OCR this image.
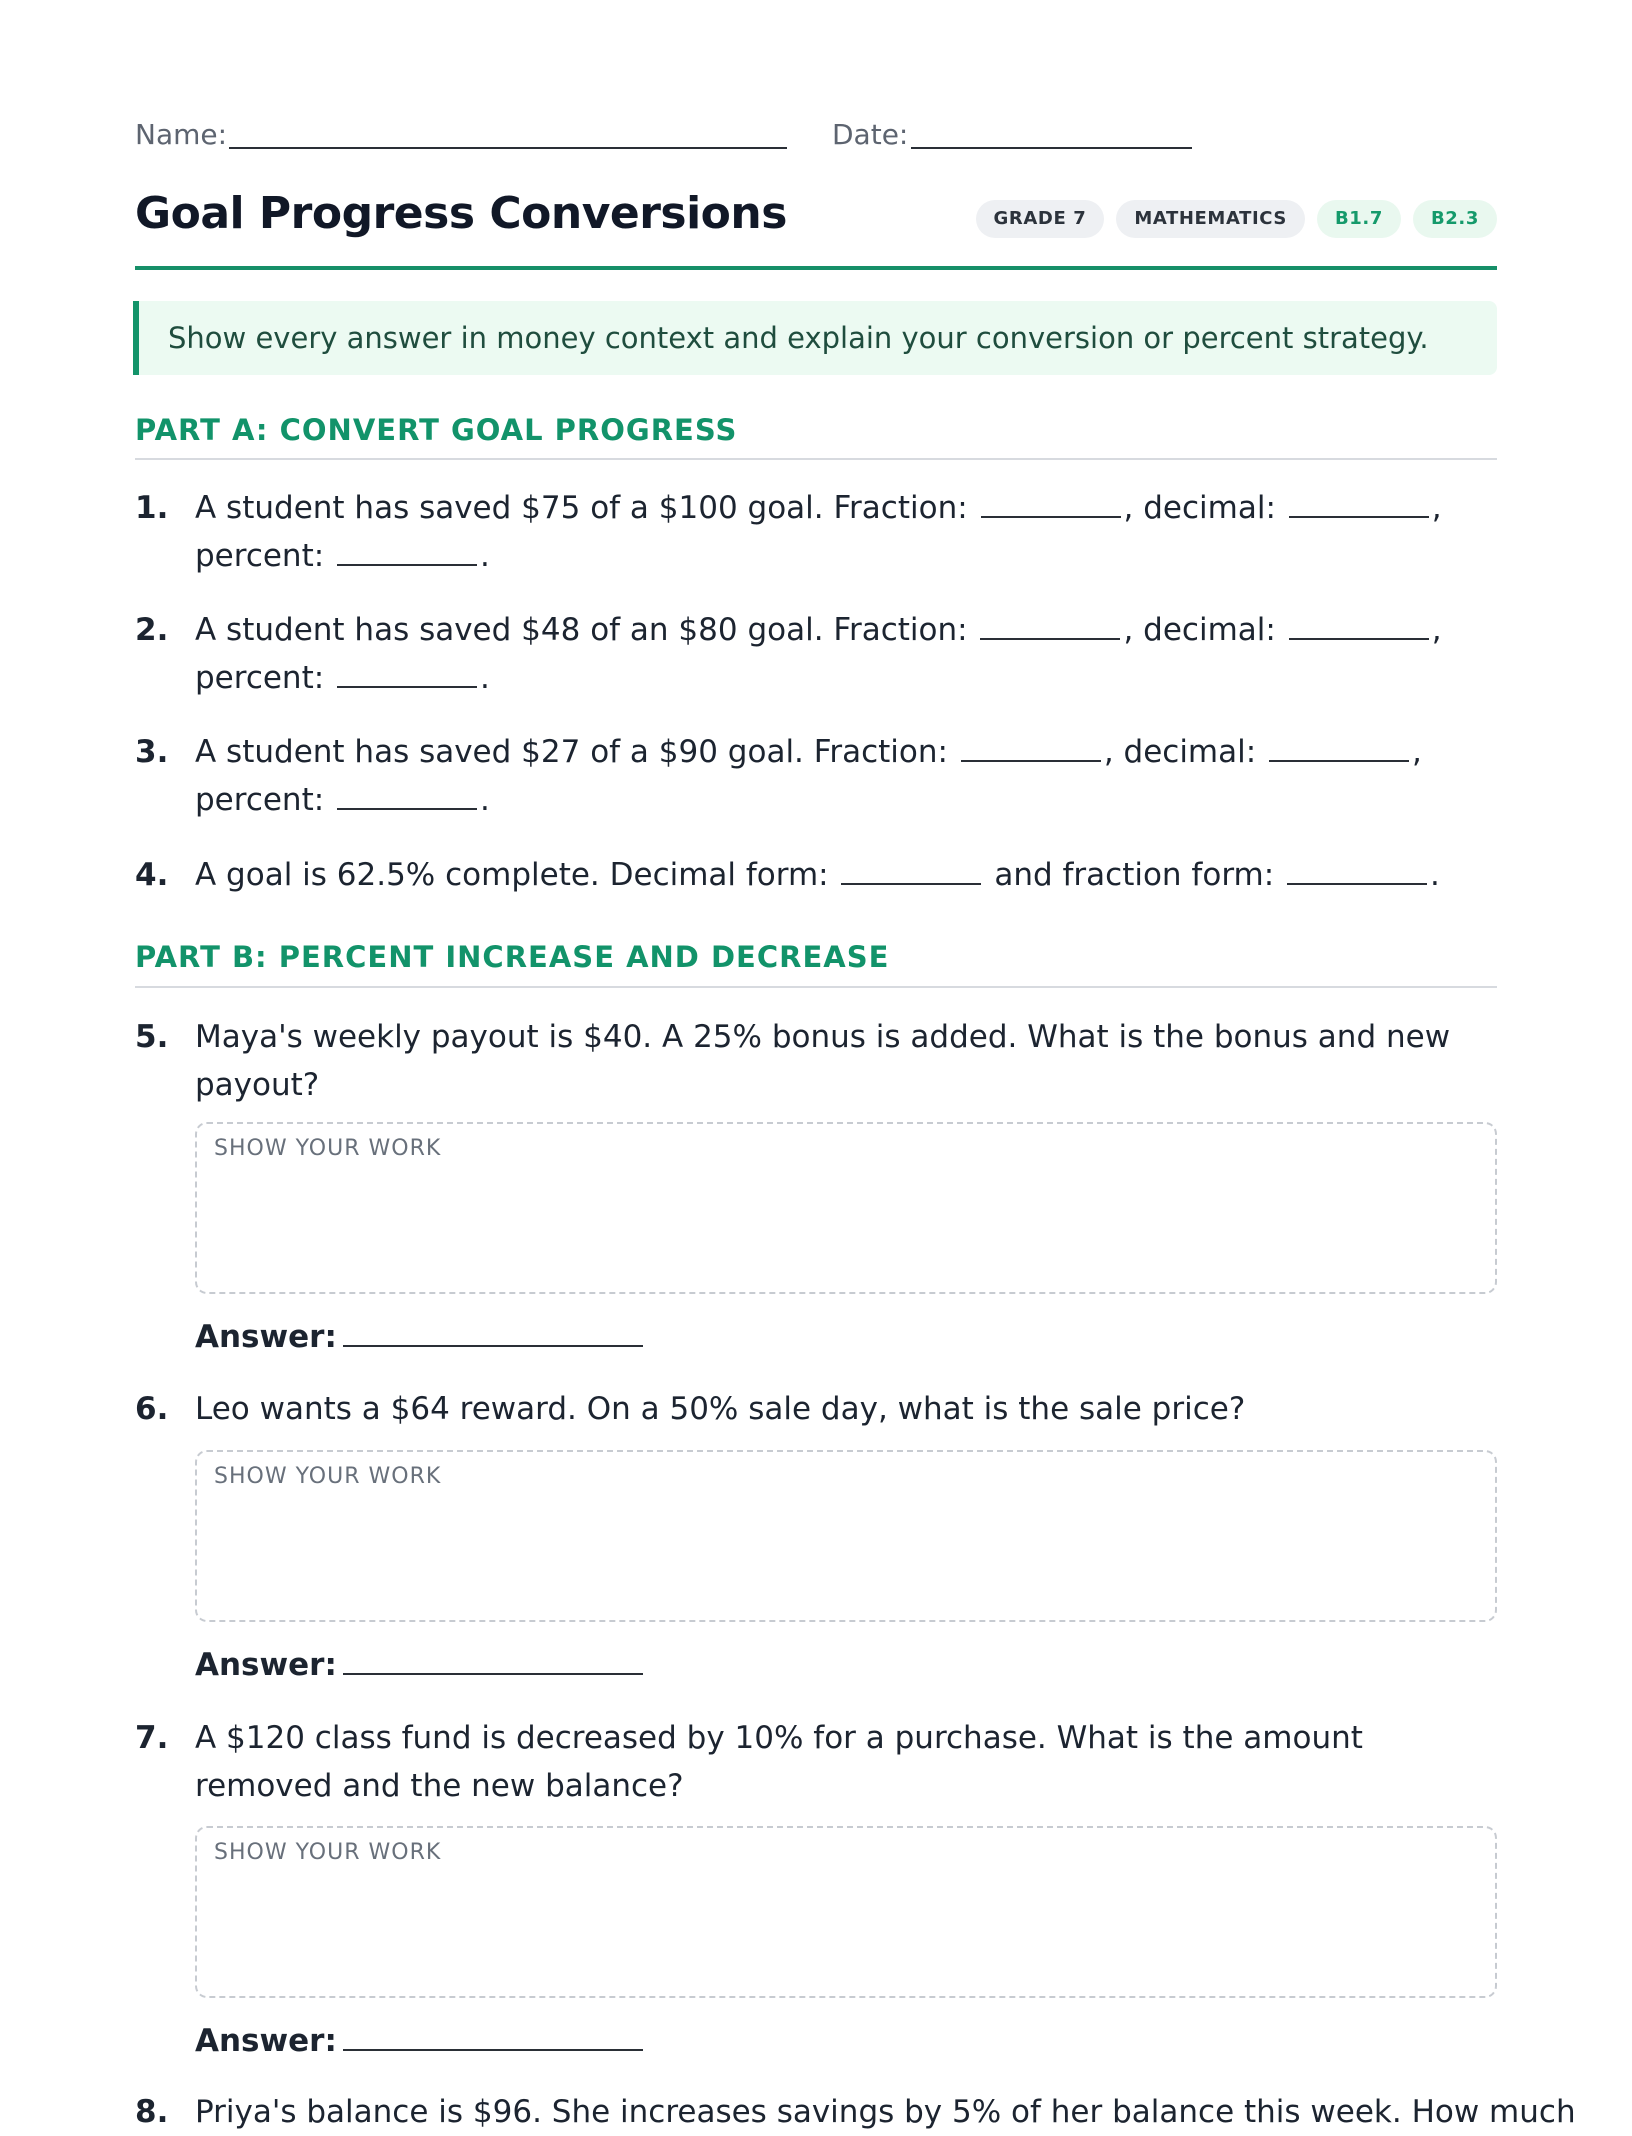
Name:	Date:
Goal Progress Conversions	GRADE 7	MATHEMATICS	B1.7	B2.3
Show every answer in money context and explain your conversion or percent strategy.
PART A: CONVERT GOAL PROGRESS
1. A student has saved $75 of a $100 goal. Fraction:	, decimal:	, percent:	.
2. A student has saved $48 of an $80 goal. Fraction:	, decimal:	, percent:	.
3. A student has saved $27 of a $90 goal. Fraction:	, decimal:	, percent:	.
4. A goal is 62.5% complete. Decimal form:	and fraction form:	.
PART B: PERCENT INCREASE AND DECREASE
5. Maya's weekly payout is $40. A 25% bonus is added. What is the bonus and new payout?
SHOW YOUR WORK
Answer:
6. Leo wants a $64 reward. On a 50% sale day, what is the sale price?
SHOW YOUR WORK
Answer:
7. A $120 class fund is decreased by 10% for a purchase. What is the amount removed and the new balance?
SHOW YOUR WORK
Answer:
8. Priya's balance is $96. She increases savings by 5% of her balance this week. How much
